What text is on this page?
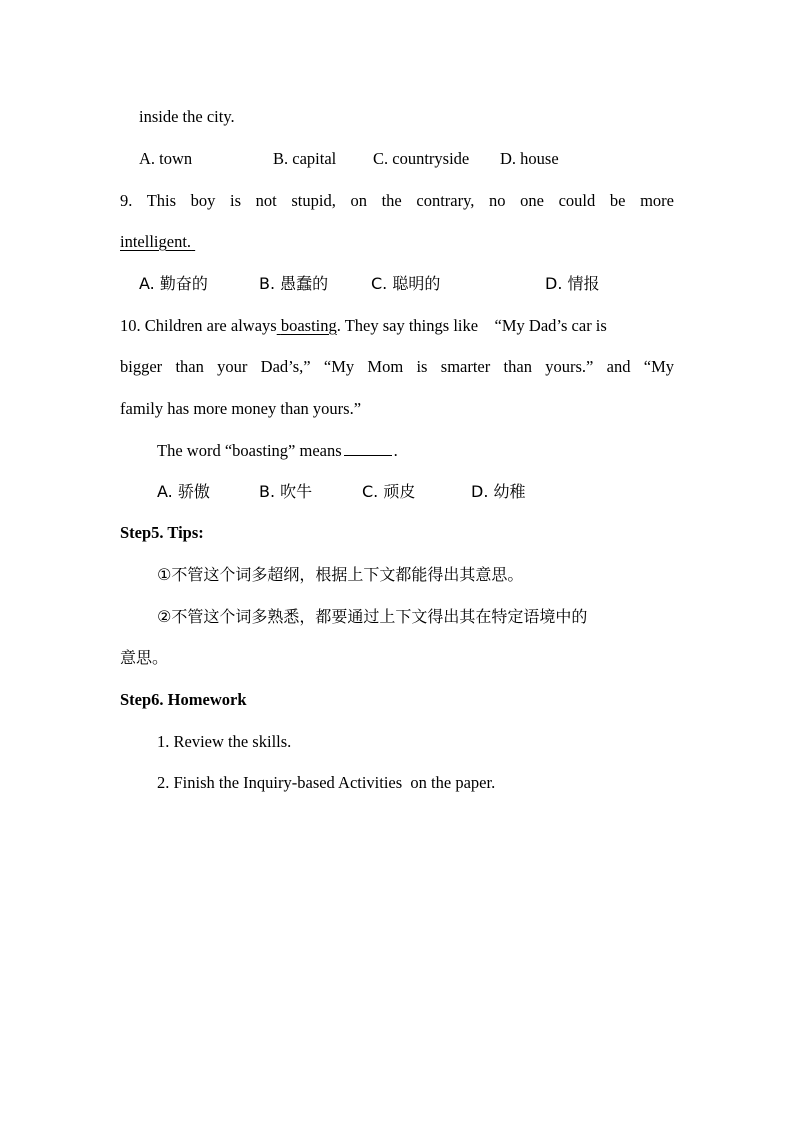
inside the city.
A. town	B. capital C. countryside D. house
9. This boy is not stupid, on the contrary, no one could be more
intelligent.
A. 勤奋的	B. 愚蠢的	C. 聪明的	D. 情报
10. Children are always boasting. They say things like    “My Dad’s car is
bigger than your Dad’s,” “My Mom is smarter than yours.” and “My
family has more money than yours.”
The word “boasting” means	.
A. 骄傲	B. 吹牛	C. 顽皮	D. 幼稚
Step5. Tips:
①不管这个词多超纲，根据上下文都能得出其意思。
②不管这个词多熟悉，都要通过上下文得出其在特定语境中的
意思。
Step6. Homework
1. Review the skills.
2. Finish the Inquiry-based Activities  on the paper.
